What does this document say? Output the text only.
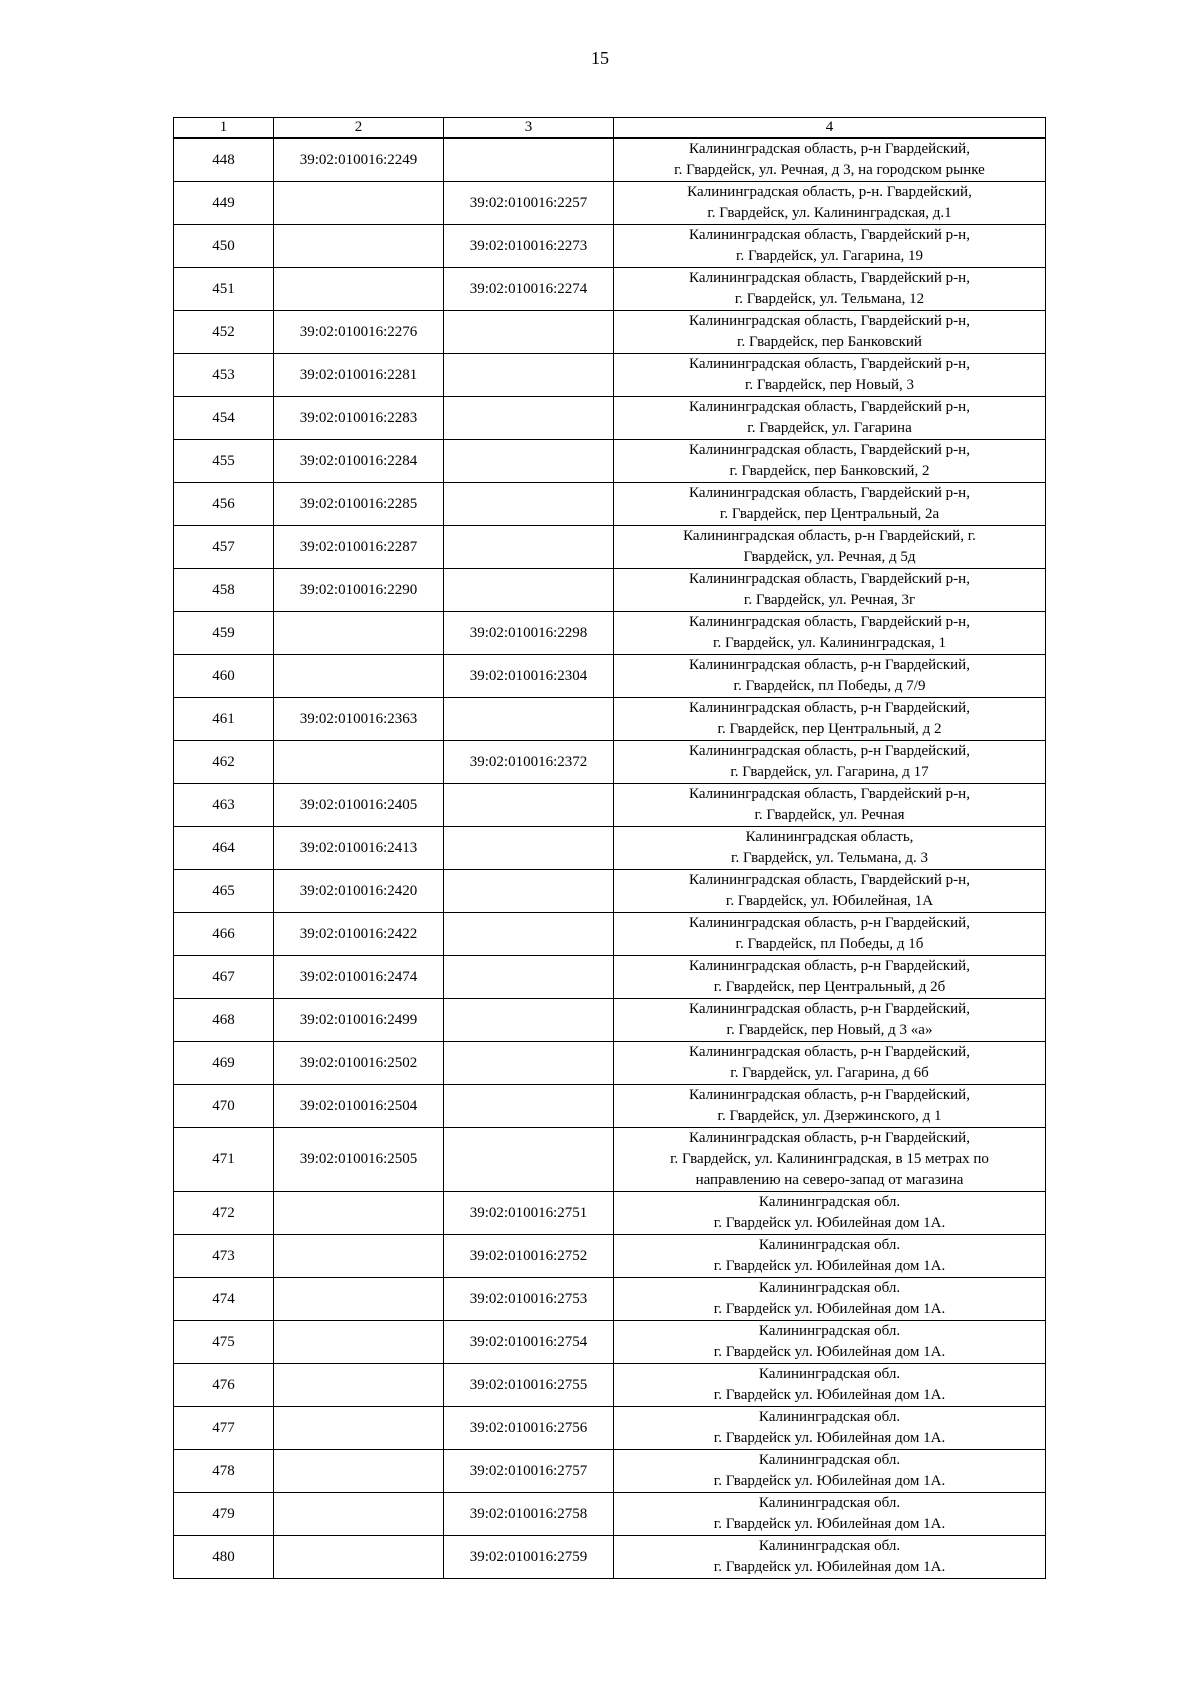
15
1	2	3	4
448	39:02:010016:2249		Калининградская область, р-н Гвардейский,
г. Гвардейск, ул. Речная, д 3, на городском рынке

449		39:02:010016:2257	Калининградская область, р-н. Гвардейский,
г. Гвардейск, ул. Калининградская, д.1

450		39:02:010016:2273	Калининградская область, Гвардейский р-н,
г. Гвардейск, ул. Гагарина, 19

451		39:02:010016:2274	Калининградская область, Гвардейский р-н,
г. Гвардейск, ул. Тельмана, 12

452	39:02:010016:2276		Калининградская область, Гвардейский р-н,
г. Гвардейск, пер Банковский

453	39:02:010016:2281		Калининградская область, Гвардейский р-н,
г. Гвардейск, пер Новый, 3

454	39:02:010016:2283		Калининградская область, Гвардейский р-н,
г. Гвардейск, ул. Гагарина

455	39:02:010016:2284		Калининградская область, Гвардейский р-н,
г. Гвардейск, пер Банковский, 2

456	39:02:010016:2285		Калининградская область, Гвардейский р-н,
г. Гвардейск, пер Центральный, 2а

457	39:02:010016:2287		Калининградская область, р-н Гвардейский, г.
Гвардейск, ул. Речная, д 5д

458	39:02:010016:2290		Калининградская область, Гвардейский р-н,
г. Гвардейск, ул. Речная, 3г

459		39:02:010016:2298	Калининградская область, Гвардейский р-н,
г. Гвардейск, ул. Калининградская, 1

460		39:02:010016:2304	Калининградская область, р-н Гвардейский,
г. Гвардейск, пл Победы, д 7/9

461	39:02:010016:2363		Калининградская область, р-н Гвардейский,
г. Гвардейск, пер Центральный, д 2

462		39:02:010016:2372	Калининградская область, р-н Гвардейский,
г. Гвардейск, ул. Гагарина, д 17

463	39:02:010016:2405		Калининградская область, Гвардейский р-н,
г. Гвардейск, ул. Речная

464	39:02:010016:2413		Калининградская область,
г. Гвардейск, ул. Тельмана, д. 3

465	39:02:010016:2420		Калининградская область, Гвардейский р-н,
г. Гвардейск, ул. Юбилейная, 1А

466	39:02:010016:2422		Калининградская область, р-н Гвардейский,
г. Гвардейск, пл Победы, д 1б

467	39:02:010016:2474		Калининградская область, р-н Гвардейский,
г. Гвардейск, пер Центральный, д 2б

468	39:02:010016:2499		Калининградская область, р-н Гвардейский,
г. Гвардейск, пер Новый, д 3 «а»

469	39:02:010016:2502		Калининградская область, р-н Гвардейский,
г. Гвардейск, ул. Гагарина, д 6б

470	39:02:010016:2504		Калининградская область, р-н Гвардейский,
г. Гвардейск, ул. Дзержинского, д 1

471	39:02:010016:2505		Калининградская область, р-н Гвардейский,
г. Гвардейск, ул. Калининградская, в 15 метрах по
направлению на северо-запад от магазина

472		39:02:010016:2751	Калининградская обл.
г. Гвардейск ул. Юбилейная дом 1А.

473		39:02:010016:2752	Калининградская обл.
г. Гвардейск ул. Юбилейная дом 1А.

474		39:02:010016:2753	Калининградская обл.
г. Гвардейск ул. Юбилейная дом 1А.

475		39:02:010016:2754	Калининградская обл.
г. Гвардейск ул. Юбилейная дом 1А.

476		39:02:010016:2755	Калининградская обл.
г. Гвардейск ул. Юбилейная дом 1А.

477		39:02:010016:2756	Калининградская обл.
г. Гвардейск ул. Юбилейная дом 1А.

478		39:02:010016:2757	Калининградская обл.
г. Гвардейск ул. Юбилейная дом 1А.

479		39:02:010016:2758	Калининградская обл.
г. Гвардейск ул. Юбилейная дом 1А.

480		39:02:010016:2759	Калининградская обл.
г. Гвардейск ул. Юбилейная дом 1А.
